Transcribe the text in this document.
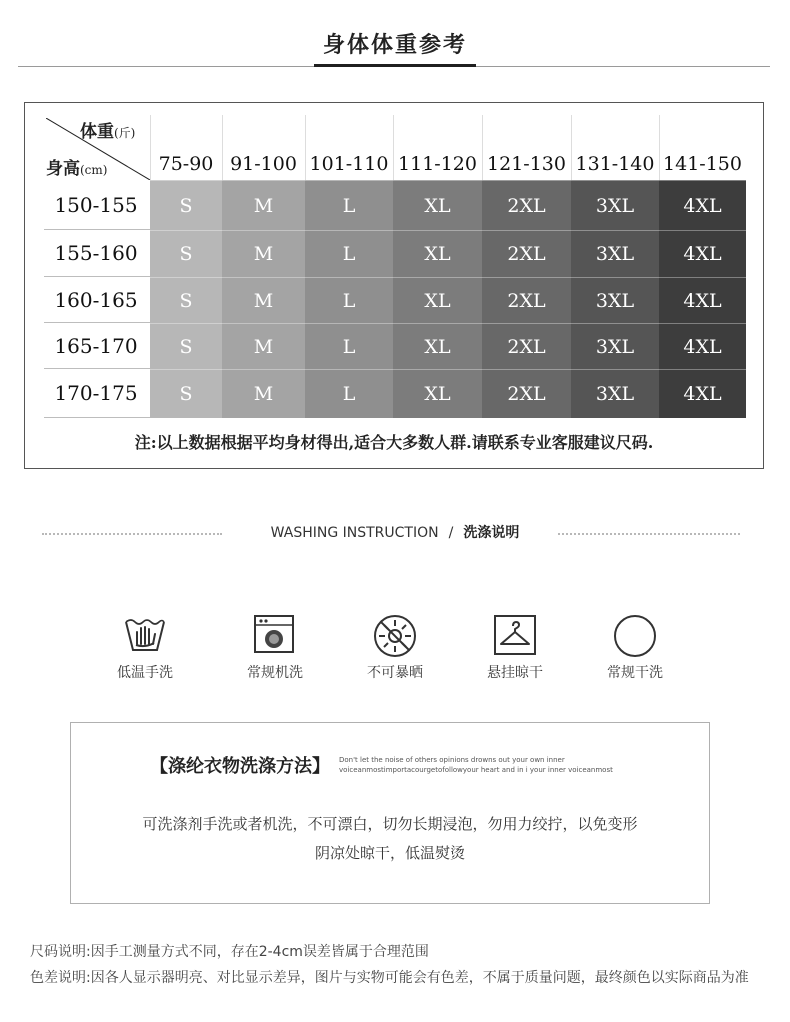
身体体重参考
体重(斤)
身高(cm)	75-90 91-100 101-110 111-120 121-130 131-140 141-150
150-155	S	M	L	XL	2XL	3XL	4XL
155-160	S	M	L	XL	2XL	3XL	4XL
160-165	S	M	L	XL	2XL	3XL	4XL
165-170	S	M	L	XL	2XL	3XL	4XL
170-175	S	M	L	XL	2XL	3XL	4XL
注:以上数据根据平均身材得出,适合大多数人群.请联系专业客服建议尺码.
WASHING INSTRUCTION / 洗涤说明
低温手洗	常规机洗	不可暴晒	悬挂晾干	常规干洗
【涤纶衣物洗涤方法】 Don't let the noise of others opinions drowns out your own inner
voiceanmostimportacourgetofollowyour heart and in i your inner voiceanmost
可洗涤剂手洗或者机洗，不可漂白，切勿长期浸泡，勿用力绞拧，以免变形
阴凉处晾干，低温熨烫
尺码说明:因手工测量方式不同，存在2-4cm误差皆属于合理范围
色差说明:因各人显示器明亮、对比显示差异，图片与实物可能会有色差，不属于质量问题，最终颜色以实际商品为准
